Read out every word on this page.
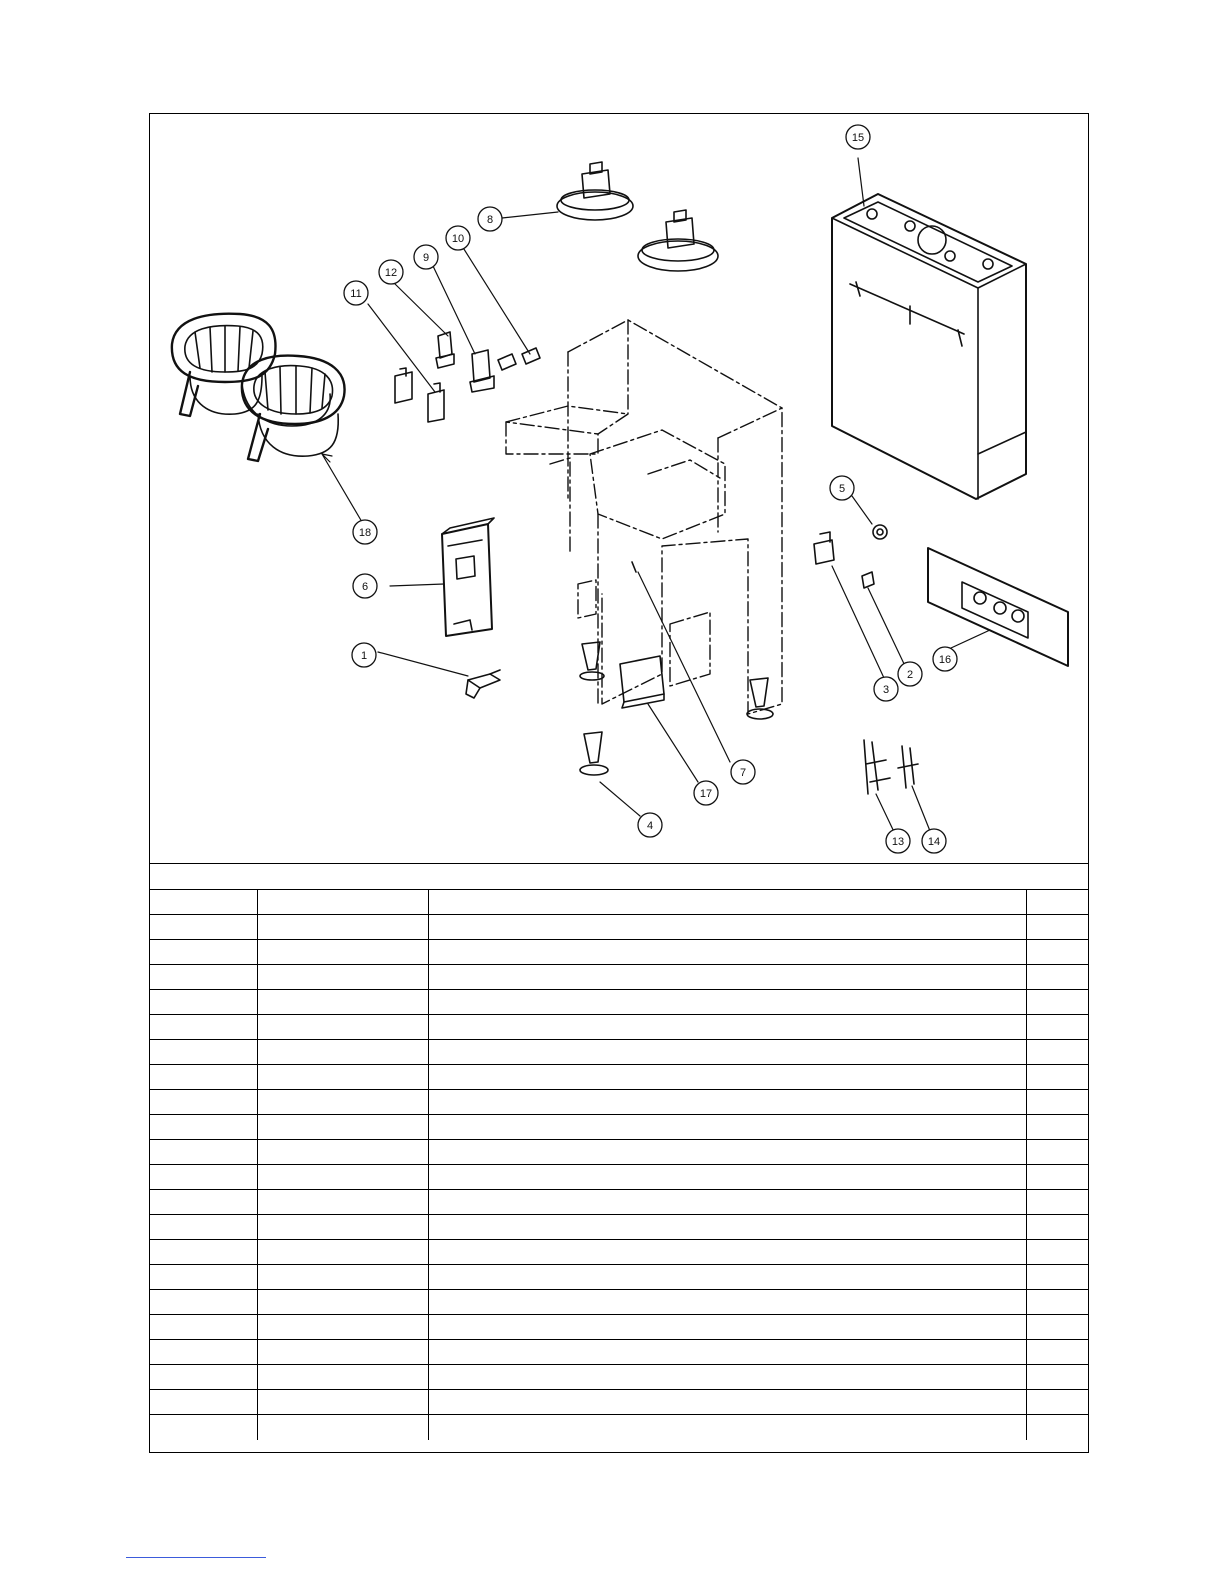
1
2
3
4
5
6
7
8
9
10
11
12
13 14
15
16
17
18
